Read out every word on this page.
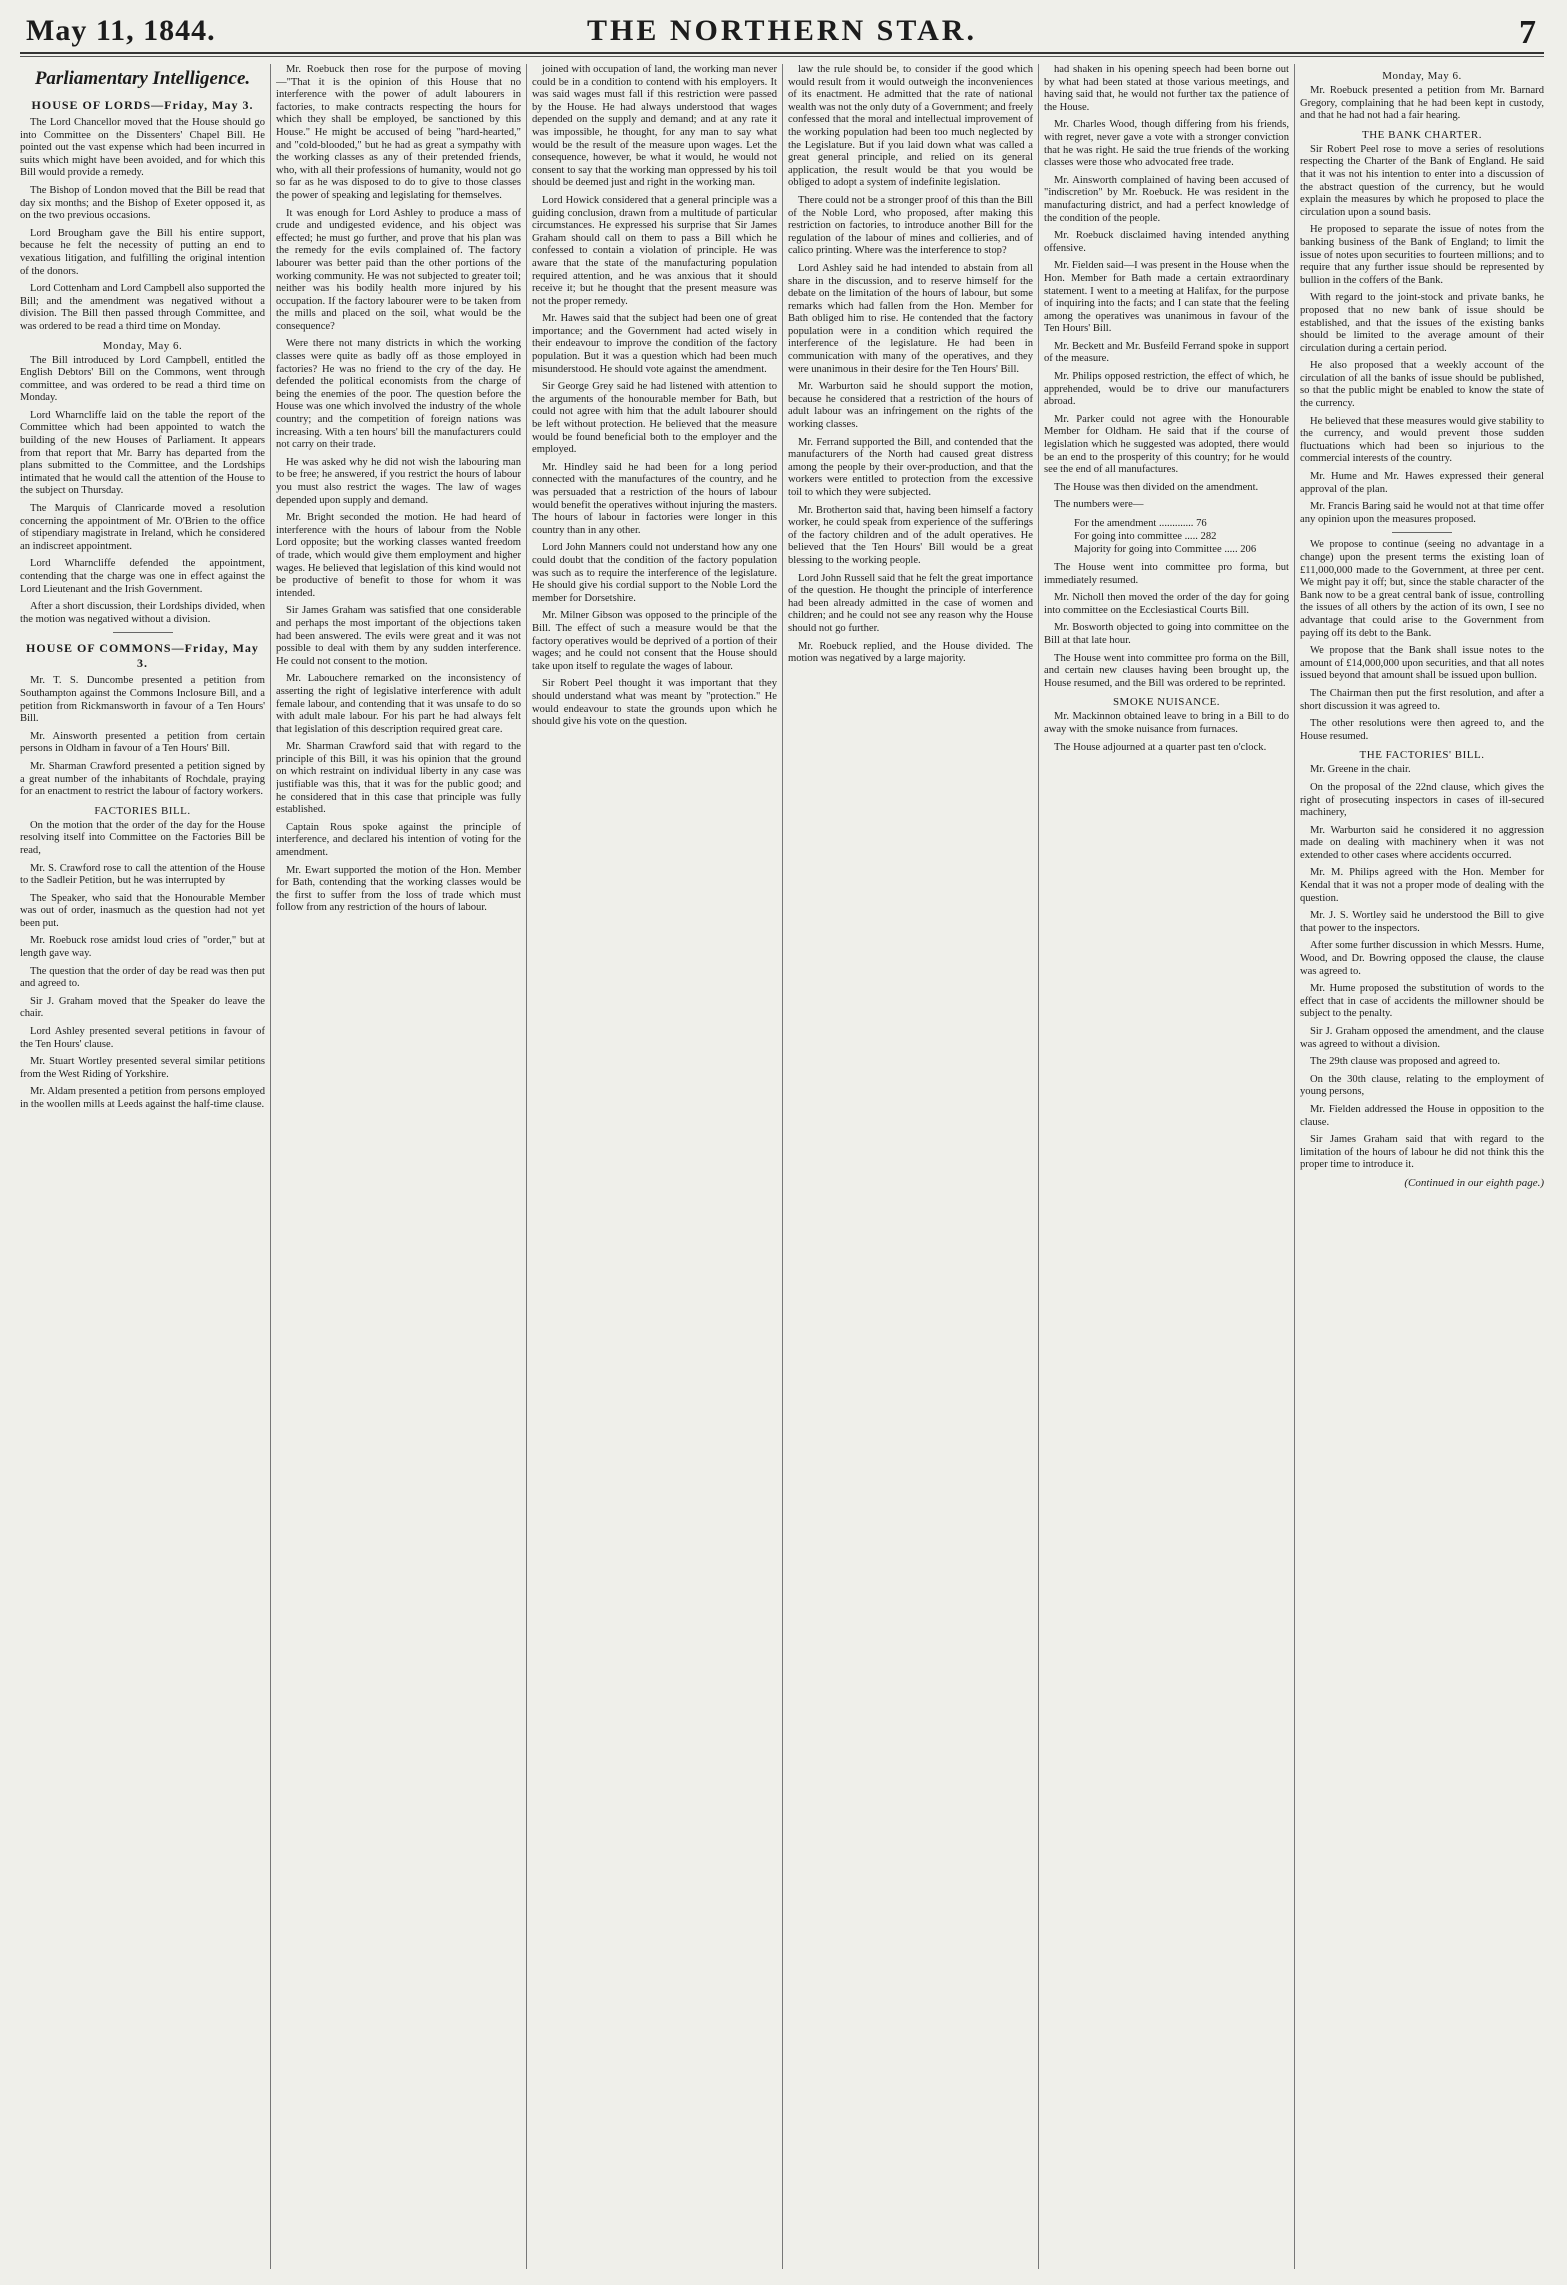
THE NORTHERN STAR.
May 11, 1844.	7
Parliamentary Intelligence.
HOUSE OF LORDS—Friday, May 3.

The Lord Chancellor moved that the House should go into Committee on the Dissenters' Chapel Bill. He pointed out the vast expense which had been incurred in suits which might have been avoided, and for which this Bill would provide a remedy.

The Bishop of London moved that the Bill be read that day six months; and the Bishop of Exeter opposed it, as on the two previous occasions.

Lord Brougham gave the Bill his entire support, because he felt the necessity of putting an end to vexatious litigation, and fulfilling the original intention of the donors.

Lord Cottenham and Lord Campbell also supported the Bill; and the amendment was negatived without a division. The Bill then passed through Committee, and was ordered to be read a third time on Monday.

Monday, May 6.

The Bill introduced by Lord Campbell, entitled the English Debtors' Bill on the Commons, went through committee, and was ordered to be read a third time on Monday.

Lord Wharncliffe laid on the table the report of the Committee which had been appointed to watch the building of the new Houses of Parliament. It appears from that report that Mr. Barry has departed from the plans submitted to the Committee, and the Lordships intimated that he would call the attention of the House to the subject on Thursday.

The Marquis of Clanricarde moved a resolution concerning the appointment of Mr. O'Brien to the office of stipendiary magistrate in Ireland, which he considered an indiscreet appointment.

Lord Wharncliffe defended the appointment, contending that the charge was one in effect against the Lord Lieutenant and the Irish Government.

After a short discussion, their Lordships divided, when the motion was negatived without a division.

HOUSE OF COMMONS—Friday, May 3.

Mr. T. S. Duncombe presented a petition from Southampton against the Commons Inclosure Bill, and a petition from Rickmansworth in favour of a Ten Hours' Bill.

Mr. Ainsworth presented a petition from certain persons in Oldham in favour of a Ten Hours' Bill.

Mr. Sharman Crawford presented a petition signed by a great number of the inhabitants of Rochdale, praying for an enactment to restrict the labour of factory workers.

FACTORIES BILL.

On the motion that the order of the day for the House resolving itself into Committee on the Factories Bill be read,

Mr. S. Crawford rose to call the attention of the House to the Sadleir Petition, but he was interrupted by

The Speaker, who said that the Honourable Member was out of order, inasmuch as the question had not yet been put.

Mr. Roebuck rose amidst loud cries of "order," but at length gave way.

The question that the order of day be read was then put and agreed to.

Sir J. Graham moved that the Speaker do leave the chair.

Lord Ashley presented several petitions in favour of the Ten Hours' clause.

Mr. Stuart Wortley presented several similar petitions from the West Riding of Yorkshire.

Mr. Aldam presented a petition from persons employed in the woollen mills at Leeds against the half-time clause.

Mr. Roebuck then rose for the purpose of moving—"That it is the opinion of this House that no interference with the power of adult labourers in factories, to make contracts respecting the hours for which they shall be employed, be sanctioned by this House." He might be accused of being "hard-hearted," and "cold-blooded," but he had as great a sympathy with the working classes as any of their pretended friends, who, with all their professions of humanity, would not go so far as he was disposed to do to give to those classes the power of speaking and legislating for themselves.

It was enough for Lord Ashley to produce a mass of crude and undigested evidence, and his object was effected; he must go further, and prove that his plan was the remedy for the evils complained of. The factory labourer was better paid than the other portions of the working community. He was not subjected to greater toil; neither was his bodily health more injured by his occupation. If the factory labourer were to be taken from the mills and placed on the soil, what would be the consequence?

Were there not many districts in which the working classes were quite as badly off as those employed in factories? He was no friend to the cry of the day. He defended the political economists from the charge of being the enemies of the poor. The question before the House was one which involved the industry of the whole country; and the competition of foreign nations was increasing. With a ten hours' bill the manufacturers could not carry on their trade.

He was asked why he did not wish the labouring man to be free; he answered, if you restrict the hours of labour you must also restrict the wages. The law of wages depended upon supply and demand.

Mr. Bright seconded the motion. He had heard of interference with the hours of labour from the Noble Lord opposite; but the working classes wanted freedom of trade, which would give them employment and higher wages. He believed that legislation of this kind would not be productive of benefit to those for whom it was intended.

Sir James Graham was satisfied that one considerable and perhaps the most important of the objections taken had been answered. The evils were great and it was not possible to deal with them by any sudden interference. He could not consent to the motion.

Mr. Labouchere remarked on the inconsistency of asserting the right of legislative interference with adult female labour, and contending that it was unsafe to do so with adult male labour. For his part he had always felt that legislation of this description required great care.

Mr. Sharman Crawford said that with regard to the principle of this Bill, it was his opinion that the ground on which restraint on individual liberty in any case was justifiable was this, that it was for the public good; and he considered that in this case that principle was fully established.

Captain Rous spoke against the principle of interference, and declared his intention of voting for the amendment.

Mr. Ewart supported the motion of the Hon. Member for Bath, contending that the working classes would be the first to suffer from the loss of trade which must follow from any restriction of the hours of labour.

joined with occupation of land, the working man never could be in a condition to contend with his employers. It was said wages must fall if this restriction were passed by the House. He had always understood that wages depended on the supply and demand; and at any rate it was impossible, he thought, for any man to say what would be the result of the measure upon wages. Let the consequence, however, be what it would, he would not consent to say that the working man oppressed by his toil should be deemed just and right in the working man.

Lord Howick considered that a general principle was a guiding conclusion, drawn from a multitude of particular circumstances. He expressed his surprise that Sir James Graham should call on them to pass a Bill which he confessed to contain a violation of principle. He was aware that the state of the manufacturing population required attention, and he was anxious that it should receive it; but he thought that the present measure was not the proper remedy.

Mr. Hawes said that the subject had been one of great importance; and the Government had acted wisely in their endeavour to improve the condition of the factory population. But it was a question which had been much misunderstood. He should vote against the amendment.

Sir George Grey said he had listened with attention to the arguments of the honourable member for Bath, but could not agree with him that the adult labourer should be left without protection. He believed that the measure would be found beneficial both to the employer and the employed.

Mr. Hindley said he had been for a long period connected with the manufactures of the country, and he was persuaded that a restriction of the hours of labour would benefit the operatives without injuring the masters. The hours of labour in factories were longer in this country than in any other.

Lord John Manners could not understand how any one could doubt that the condition of the factory population was such as to require the interference of the legislature. He should give his cordial support to the Noble Lord the member for Dorsetshire.

Mr. Milner Gibson was opposed to the principle of the Bill. The effect of such a measure would be that the factory operatives would be deprived of a portion of their wages; and he could not consent that the House should take upon itself to regulate the wages of labour.

Sir Robert Peel thought it was important that they should understand what was meant by "protection." He would endeavour to state the grounds upon which he should give his vote on the question.

law the rule should be, to consider if the good which would result from it would outweigh the inconveniences of its enactment. He admitted that the rate of national wealth was not the only duty of a Government; and freely confessed that the moral and intellectual improvement of the working population had been too much neglected by the Legislature. But if you laid down what was called a great general principle, and relied on its general application, the result would be that you would be obliged to adopt a system of indefinite legislation.

There could not be a stronger proof of this than the Bill of the Noble Lord, who proposed, after making this restriction on factories, to introduce another Bill for the regulation of the labour of mines and collieries, and of calico printing. Where was the interference to stop?

Lord Ashley said he had intended to abstain from all share in the discussion, and to reserve himself for the debate on the limitation of the hours of labour, but some remarks which had fallen from the Hon. Member for Bath obliged him to rise. He contended that the factory population were in a condition which required the interference of the legislature. He had been in communication with many of the operatives, and they were unanimous in their desire for the Ten Hours' Bill.

Mr. Warburton said he should support the motion, because he considered that a restriction of the hours of adult labour was an infringement on the rights of the working classes.

Mr. Ferrand supported the Bill, and contended that the manufacturers of the North had caused great distress among the people by their over-production, and that the workers were entitled to protection from the excessive toil to which they were subjected.

Mr. Brotherton said that, having been himself a factory worker, he could speak from experience of the sufferings of the factory children and of the adult operatives. He believed that the Ten Hours' Bill would be a great blessing to the working people.

Lord John Russell said that he felt the great importance of the question. He thought the principle of interference had been already admitted in the case of women and children; and he could not see any reason why the House should not go further.

Mr. Roebuck replied, and the House divided. The motion was negatived by a large majority.

had shaken in his opening speech had been borne out by what had been stated at those various meetings, and having said that, he would not further tax the patience of the House.

Mr. Charles Wood, though differing from his friends, with regret, never gave a vote with a stronger conviction that he was right. He said the true friends of the working classes were those who advocated free trade.

Mr. Ainsworth complained of having been accused of "indiscretion" by Mr. Roebuck. He was resident in the manufacturing district, and had a perfect knowledge of the condition of the people.

Mr. Roebuck disclaimed having intended anything offensive.

Mr. Fielden said—I was present in the House when the Hon. Member for Bath made a certain extraordinary statement. I went to a meeting at Halifax, for the purpose of inquiring into the facts; and I can state that the feeling among the operatives was unanimous in favour of the Ten Hours' Bill.

Mr. Beckett and Mr. Busfeild Ferrand spoke in support of the measure.

Mr. Philips opposed restriction, the effect of which, he apprehended, would be to drive our manufacturers abroad.

Mr. Parker could not agree with the Honourable Member for Oldham. He said that if the course of legislation which he suggested was adopted, there would be an end to the prosperity of this country; for he would see the end of all manufactures.

The House was then divided on the amendment.

The numbers were—

For the amendment ............. 76
For going into committee ..... 282
Majority for going into Committee ..... 206

The House went into committee pro forma, but immediately resumed.

Mr. Nicholl then moved the order of the day for going into committee on the Ecclesiastical Courts Bill.

Mr. Bosworth objected to going into committee on the Bill at that late hour.

The House went into committee pro forma on the Bill, and certain new clauses having been brought up, the House resumed, and the Bill was ordered to be reprinted.

SMOKE NUISANCE.

Mr. Mackinnon obtained leave to bring in a Bill to do away with the smoke nuisance from furnaces.

The House adjourned at a quarter past ten o'clock.

Monday, May 6.

Mr. Roebuck presented a petition from Mr. Barnard Gregory, complaining that he had been kept in custody, and that he had not had a fair hearing.

THE BANK CHARTER.

Sir Robert Peel rose to move a series of resolutions respecting the Charter of the Bank of England. He said that it was not his intention to enter into a discussion of the abstract question of the currency, but he would explain the measures by which he proposed to place the circulation upon a sound basis.

He proposed to separate the issue of notes from the banking business of the Bank of England; to limit the issue of notes upon securities to fourteen millions; and to require that any further issue should be represented by bullion in the coffers of the Bank.

With regard to the joint-stock and private banks, he proposed that no new bank of issue should be established, and that the issues of the existing banks should be limited to the average amount of their circulation during a certain period.

He also proposed that a weekly account of the circulation of all the banks of issue should be published, so that the public might be enabled to know the state of the currency.

He believed that these measures would give stability to the currency, and would prevent those sudden fluctuations which had been so injurious to the commercial interests of the country.

Mr. Hume and Mr. Hawes expressed their general approval of the plan.

Mr. Francis Baring said he would not at that time offer any opinion upon the measures proposed.

We propose to continue (seeing no advantage in a change) upon the present terms the existing loan of £11,000,000 made to the Government, at three per cent. We might pay it off; but, since the stable character of the Bank now to be a great central bank of issue, controlling the issues of all others by the action of its own, I see no advantage that could arise to the Government from paying off its debt to the Bank.

We propose that the Bank shall issue notes to the amount of £14,000,000 upon securities, and that all notes issued beyond that amount shall be issued upon bullion.

The Chairman then put the first resolution, and after a short discussion it was agreed to.

The other resolutions were then agreed to, and the House resumed.

THE FACTORIES' BILL.

Mr. Greene in the chair.

On the proposal of the 22nd clause, which gives the right of prosecuting inspectors in cases of ill-secured machinery,

Mr. Warburton said he considered it no aggression made on dealing with machinery when it was not extended to other cases where accidents occurred.

Mr. M. Philips agreed with the Hon. Member for Kendal that it was not a proper mode of dealing with the question.

Mr. J. S. Wortley said he understood the Bill to give that power to the inspectors.

After some further discussion in which Messrs. Hume, Wood, and Dr. Bowring opposed the clause, the clause was agreed to.

Mr. Hume proposed the substitution of words to the effect that in case of accidents the millowner should be subject to the penalty.

Sir J. Graham opposed the amendment, and the clause was agreed to without a division.

The 29th clause was proposed and agreed to.

On the 30th clause, relating to the employment of young persons,

Mr. Fielden addressed the House in opposition to the clause.

Sir James Graham said that with regard to the limitation of the hours of labour he did not think this the proper time to introduce it.

(Continued in our eighth page.)
